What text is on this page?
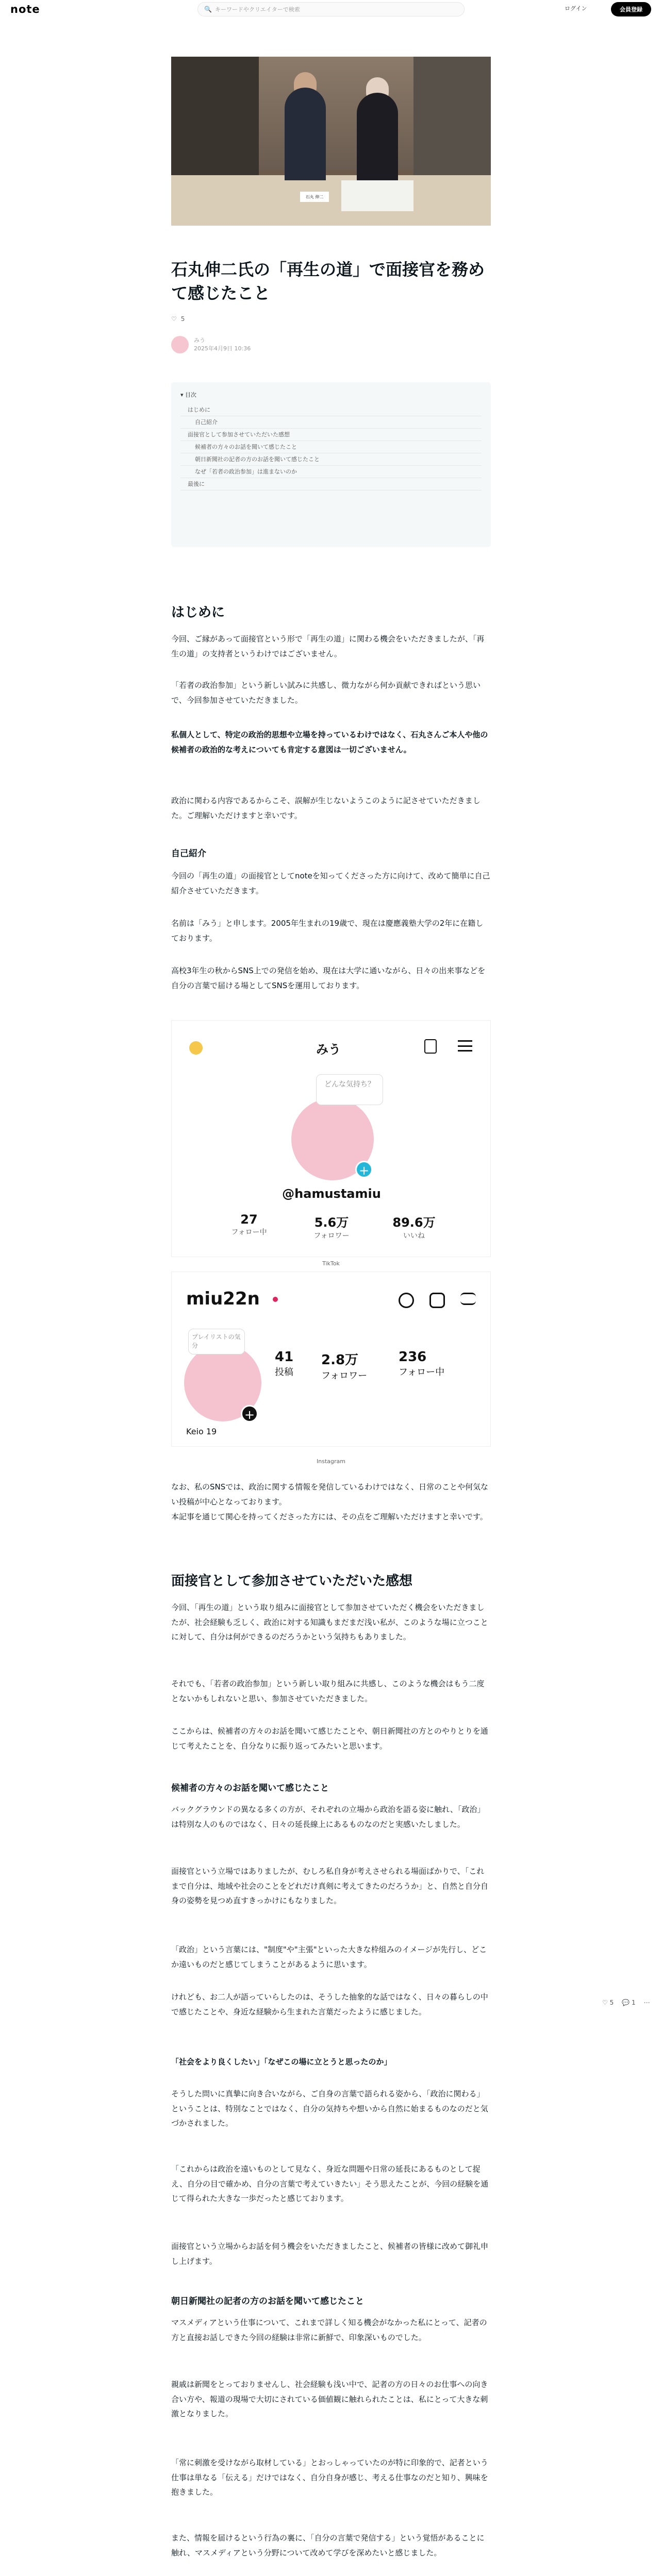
note	🔍 キーワードやクリエイターで検索	ログイン	会員登録
石丸 伸二
石丸伸二氏の「再生の道」で面接官を務めて感じたこと
♡ 5
みう
2025年4月9日 10:36
▾ 目次
はじめに
自己紹介
面接官として参加させていただいた感想
候補者の方々のお話を聞いて感じたこと
朝日新聞社の記者の方のお話を聞いて感じたこと
なぜ「若者の政治参加」は進まないのか
最後に
はじめに

今回、ご縁があって面接官という形で「再生の道」に関わる機会をいただきましたが、「再生の道」の支持者というわけではございません。

「若者の政治参加」という新しい試みに共感し、微力ながら何か貢献できればという思いで、今回参加させていただきました。

私個人として、特定の政治的思想や立場を持っているわけではなく、石丸さんご本人や他の候補者の政治的な考えについても肯定する意図は一切ございません。

政治に関わる内容であるからこそ、誤解が生じないようこのように記させていただきました。ご理解いただけますと幸いです。

自己紹介

今回の「再生の道」の面接官としてnoteを知ってくださった方に向けて、改めて簡単に自己紹介させていただきます。

名前は「みう」と申します。2005年生まれの19歳で、現在は慶應義塾大学の2年に在籍しております。

高校3年生の秋からSNS上での発信を始め、現在は大学に通いながら、日々の出来事などを自分の言葉で届ける場としてSNSを運用しております。

みう
どんな気持ち？
+
@hamustamiu
27
フォロー中
5.6万
フォロワー
89.6万
いいね
TikTok
miu22n
プレイリストの気分
+
41
投稿
2.8万
フォロワー
236
フォロー中
Keio 19
Instagram

なお、私のSNSでは、政治に関する情報を発信しているわけではなく、日常のことや何気ない投稿が中心となっております。

本記事を通じて関心を持ってくださった方には、その点をご理解いただけますと幸いです。

面接官として参加させていただいた感想

今回、「再生の道」という取り組みに面接官として参加させていただく機会をいただきましたが、社会経験も乏しく、政治に対する知識もまだまだ浅い私が、このような場に立つことに対して、自分は何ができるのだろうかという気持ちもありました。

それでも、「若者の政治参加」という新しい取り組みに共感し、このような機会はもう二度とないかもしれないと思い、参加させていただきました。

ここからは、候補者の方々のお話を聞いて感じたことや、朝日新聞社の方とのやりとりを通じて考えたことを、自分なりに振り返ってみたいと思います。

候補者の方々のお話を聞いて感じたこと

バックグラウンドの異なる多くの方が、それぞれの立場から政治を語る姿に触れ、「政治」は特別な人のものではなく、日々の延長線上にあるものなのだと実感いたしました。

面接官という立場ではありましたが、むしろ私自身が考えさせられる場面ばかりで、「これまで自分は、地域や社会のことをどれだけ真剣に考えてきたのだろうか」と、自然と自分自身の姿勢を見つめ直すきっかけにもなりました。

「政治」という言葉には、"制度"や"主張"といった大きな枠組みのイメージが先行し、どこか遠いものだと感じてしまうことがあるように思います。

けれども、お二人が語っていらしたのは、そうした抽象的な話ではなく、日々の暮らしの中で感じたことや、身近な経験から生まれた言葉だったように感じました。

「社会をより良くしたい」「なぜこの場に立とうと思ったのか」

そうした問いに真摯に向き合いながら、ご自身の言葉で語られる姿から、「政治に関わる」ということは、特別なことではなく、自分の気持ちや想いから自然に始まるものなのだと気づかされました。

「これからは政治を遠いものとして見なく、身近な問題や日常の延長にあるものとして捉え、自分の目で確かめ、自分の言葉で考えていきたい」そう思えたことが、今回の経験を通じて得られた大きな一歩だったと感じております。

面接官という立場からお話を伺う機会をいただきましたこと、候補者の皆様に改めて御礼申し上げます。

朝日新聞社の記者の方のお話を聞いて感じたこと

マスメディアという仕事について、これまで詳しく知る機会がなかった私にとって、記者の方と直接お話しできた今回の経験は非常に新鮮で、印象深いものでした。

親戚は新聞をとっておりませんし、社会経験も浅い中で、記者の方の日々のお仕事への向き合い方や、報道の現場で大切にされている価値観に触れられたことは、私にとって大きな刺激となりました。

「常に刺激を受けながら取材している」とおっしゃっていたのが特に印象的で、記者という仕事は単なる「伝える」だけではなく、自分自身が感じ、考える仕事なのだと知り、興味を抱きました。

また、情報を届けるという行為の裏に、「自分の言葉で発信する」という覚悟があることに触れ、マスメディアという分野について改めて学びを深めたいと感じました。

♡ 5 💬 1 ⋯
